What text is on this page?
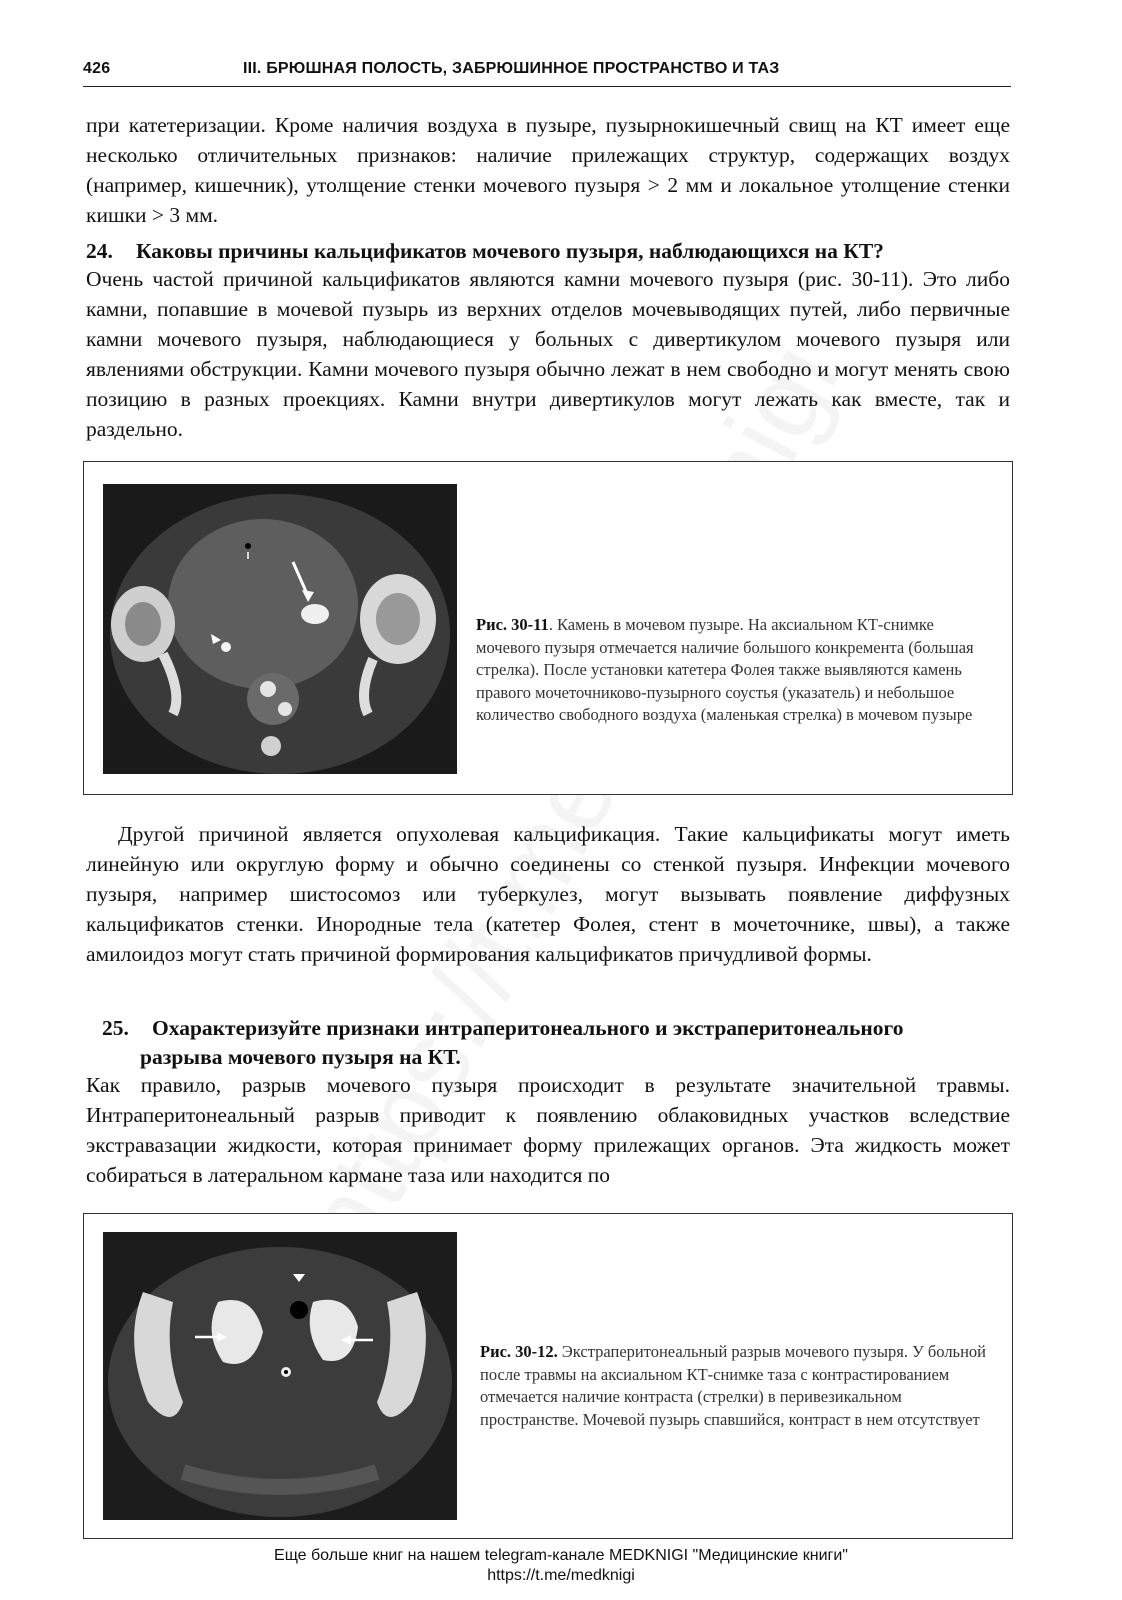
426	III. БРЮШНАЯ ПОЛОСТЬ, ЗАБРЮШИННОЕ ПРОСТРАНСТВО И ТАЗ

при катетеризации. Кроме наличия воздуха в пузыре, пузырнокишечный свищ на КТ имеет еще несколько отличительных признаков: наличие прилежащих структур, содержащих воздух (например, кишечник), утолщение стенки мочевого пузыря > 2 мм и локальное утолщение стенки кишки > 3 мм.

24. Каковы причины кальцификатов мочевого пузыря, наблюдающихся на КТ?

Очень частой причиной кальцификатов являются камни мочевого пузыря (рис. 30-11). Это либо камни, попавшие в мочевой пузырь из верхних отделов мочевыводящих путей, либо первичные камни мочевого пузыря, наблюдающиеся у больных с дивертикулом мочевого пузыря или явлениями обструкции. Камни мочевого пузыря обычно лежат в нем свободно и могут менять свою позицию в разных проекциях. Камни внутри дивертикулов могут лежать как вместе, так и раздельно.

Рис. 30-11. Камень в мочевом пузыре. На аксиальном КТ-снимке мочевого пузыря отмечается наличие большого конкремента (большая стрелка). После установки катетера Фолея также выявляются камень правого мочеточниково-пузырного соустья (указатель) и небольшое количество свободного воздуха (маленькая стрелка) в мочевом пузыре

Другой причиной является опухолевая кальцификация. Такие кальцификаты могут иметь линейную или округлую форму и обычно соединены со стенкой пузыря. Инфекции мочевого пузыря, например шистосомоз или туберкулез, могут вызывать появление диффузных кальцификатов стенки. Инородные тела (катетер Фолея, стент в мочеточнике, швы), а также амилоидоз могут стать причиной формирования кальцификатов причудливой формы.

25. Охарактеризуйте признаки интраперитонеального и экстраперитонеального
разрыва мочевого пузыря на КТ.

Как правило, разрыв мочевого пузыря происходит в результате значительной травмы. Интраперитонеальный разрыв приводит к появлению облаковидных участков вследствие экстравазации жидкости, которая принимает форму прилежащих органов. Эта жидкость может собираться в латеральном кармане таза или находится по

Рис. 30-12. Экстраперитонеальный разрыв мочевого пузыря. У больной после травмы на аксиальном КТ-снимке таза с контрастированием отмечается наличие контраста (стрелки) в перивезикальном пространстве. Мочевой пузырь спавшийся, контраст в нем отсутствует

Еще больше книг на нашем telegram-канале MEDKNIGI "Медицинские книги"
https://t.me/medknigi
